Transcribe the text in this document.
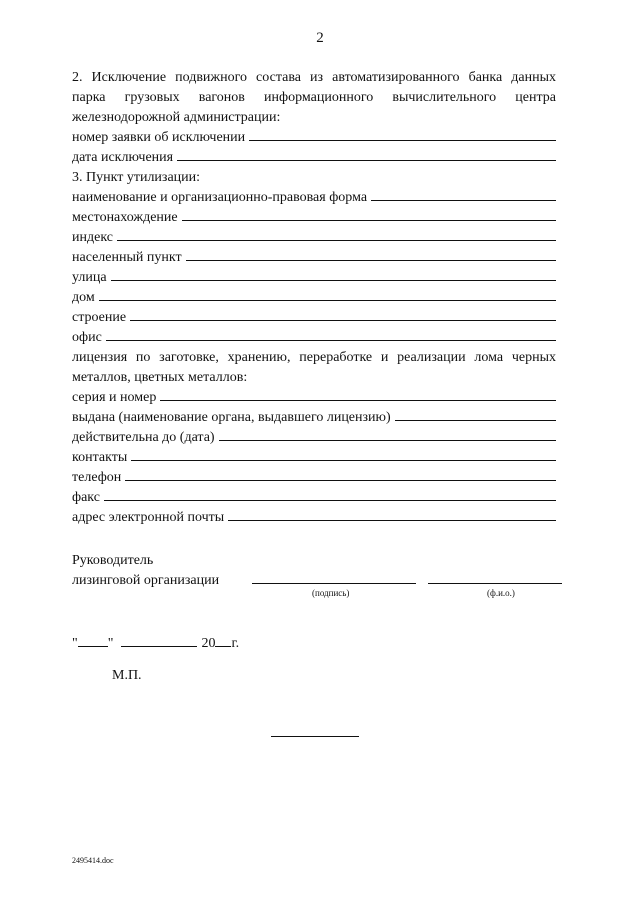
2
2. Исключение подвижного состава из автоматизированного банка данных
парка грузовых вагонов информационного вычислительного центра
железнодорожной администрации:
номер заявки об исключении
дата исключения
3. Пункт утилизации:
наименование и организационно-правовая форма
местонахождение
индекс
населенный пункт
улица
дом
строение
офис
лицензия по заготовке, хранению, переработке и реализации лома черных
металлов, цветных металлов:
серия и номер
выдана (наименование органа, выдавшего лицензию)
действительна до (дата)
контакты
телефон
факс
адрес электронной почты
Руководитель
лизинговой организации
(подпись)	(ф.и.о.)
" "	20 г.
М.П.
2495414.doc
